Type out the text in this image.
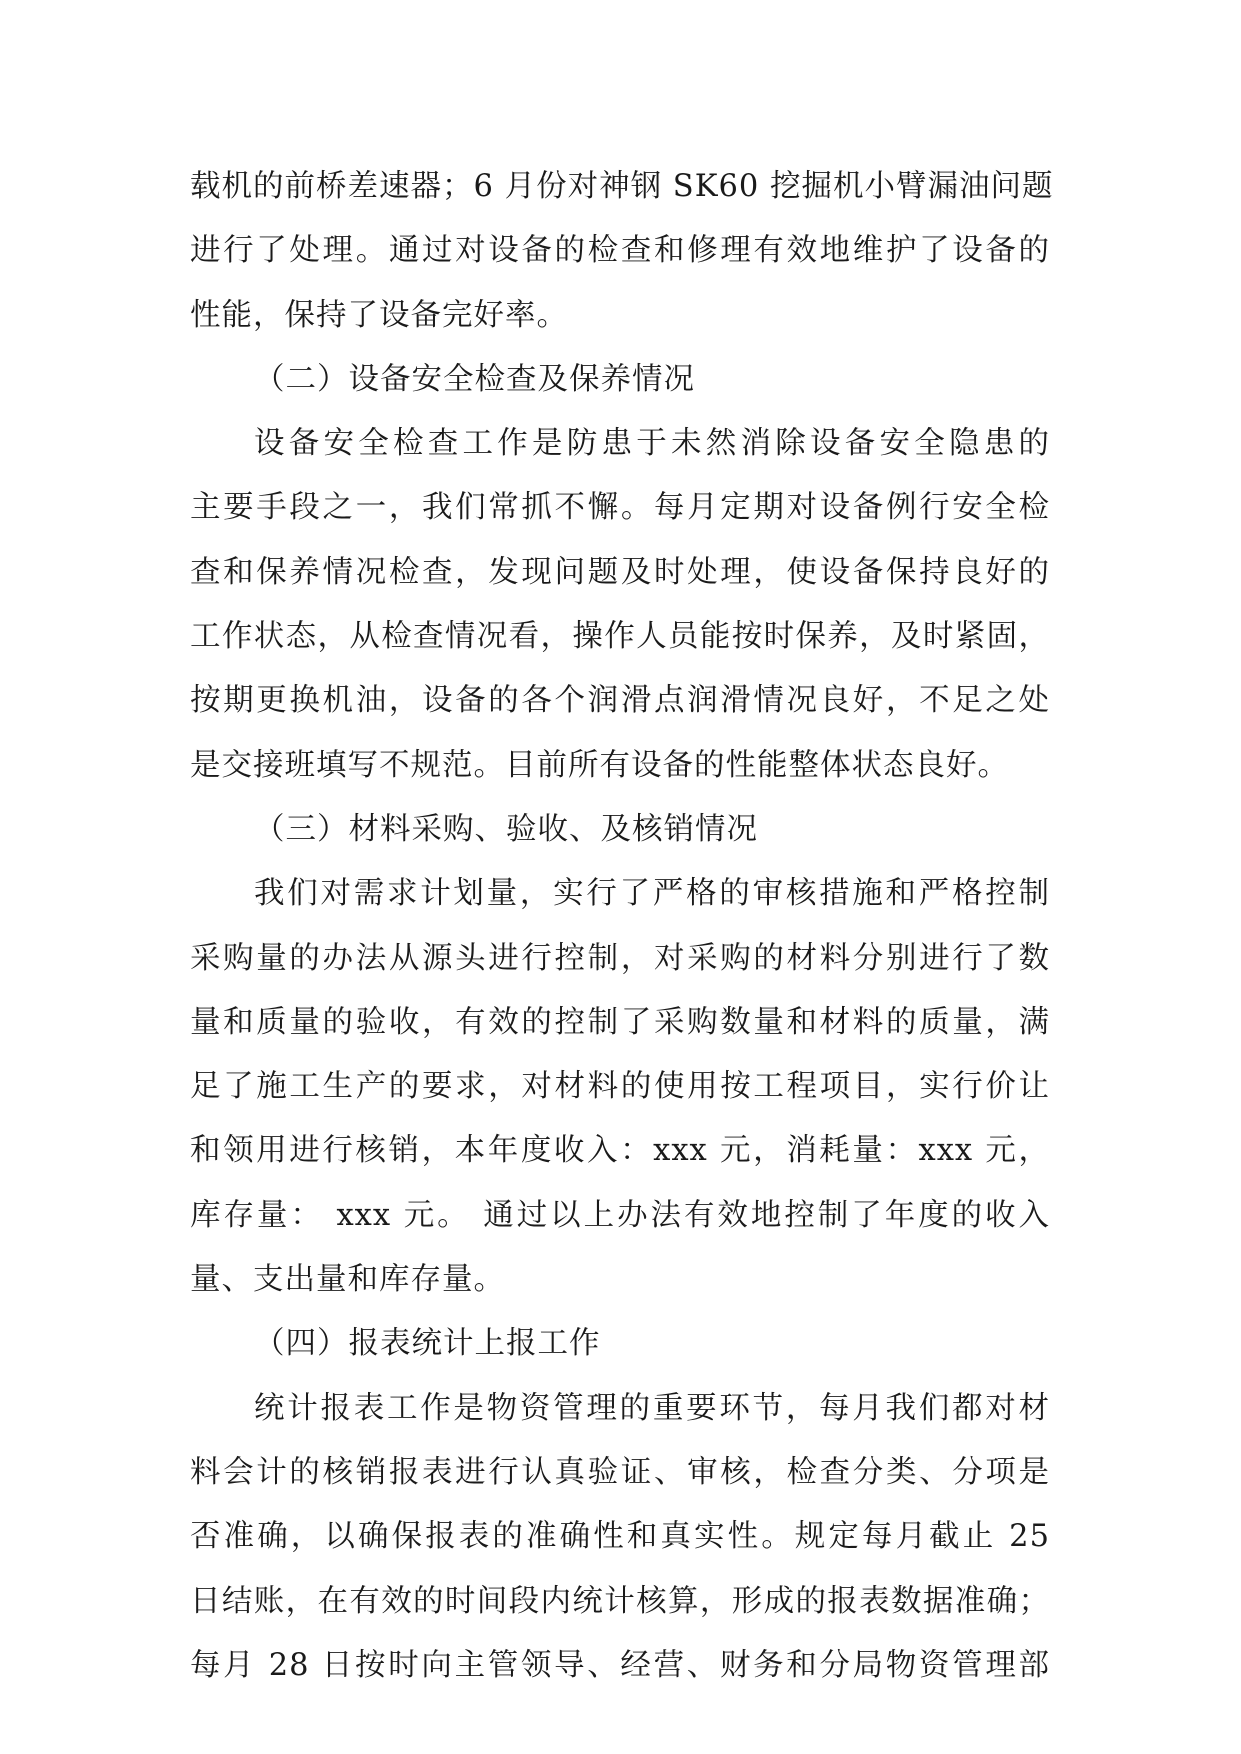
载机的前桥差速器；6 月份对神钢 SK60 挖掘机小臂漏油问题
进行了处理。通过对设备的检查和修理有效地维护了设备的
性能，保持了设备完好率。
（二）设备安全检查及保养情况
设备安全检查工作是防患于未然消除设备安全隐患的
主要手段之一，我们常抓不懈。每月定期对设备例行安全检
查和保养情况检查，发现问题及时处理，使设备保持良好的
工作状态，从检查情况看，操作人员能按时保养，及时紧固，
按期更换机油，设备的各个润滑点润滑情况良好，不足之处
是交接班填写不规范。目前所有设备的性能整体状态良好。
（三）材料采购、验收、及核销情况
我们对需求计划量，实行了严格的审核措施和严格控制
采购量的办法从源头进行控制，对采购的材料分别进行了数
量和质量的验收，有效的控制了采购数量和材料的质量，满
足了施工生产的要求，对材料的使用按工程项目，实行价让
和领用进行核销，本年度收入：xxx 元，消耗量：xxx 元，
库存量： xxx 元。 通过以上办法有效地控制了年度的收入
量、支出量和库存量。
（四）报表统计上报工作
统计报表工作是物资管理的重要环节，每月我们都对材
料会计的核销报表进行认真验证、审核，检查分类、分项是
否准确，以确保报表的准确性和真实性。规定每月截止 25
日结账，在有效的时间段内统计核算，形成的报表数据准确；
每月 28 日按时向主管领导、经营、财务和分局物资管理部
